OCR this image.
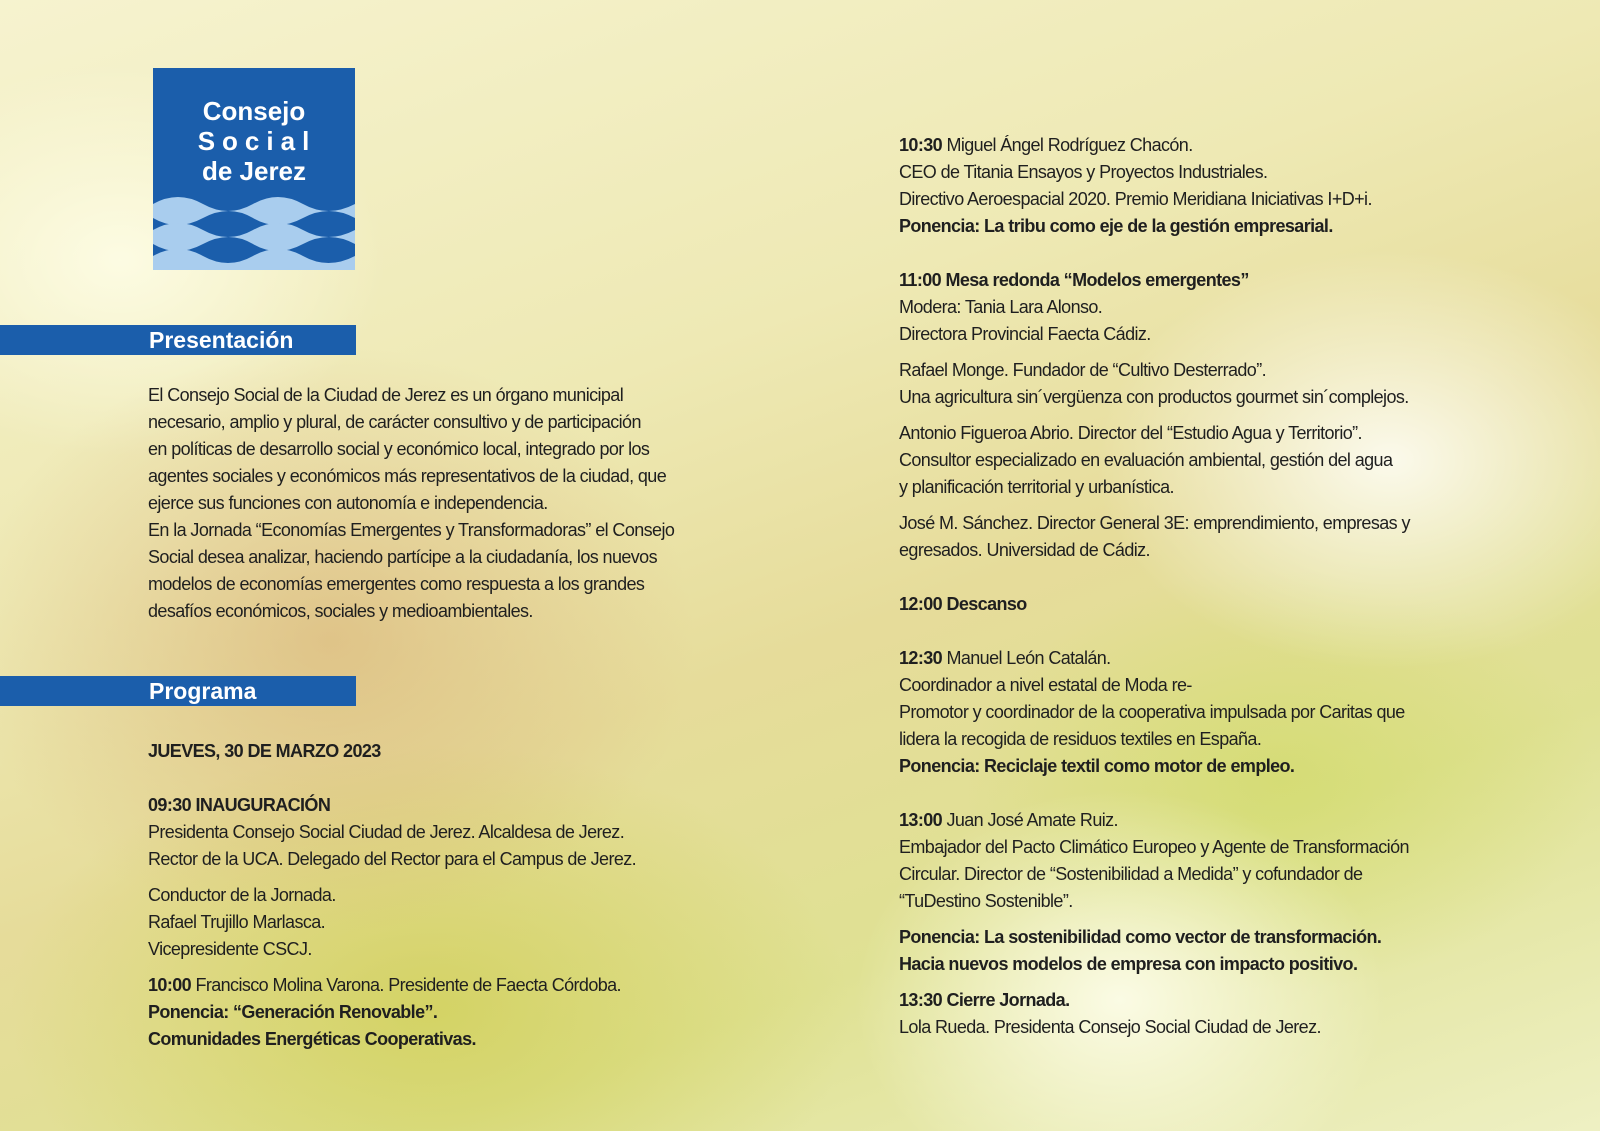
Consejo
Social
de Jerez
Presentación
Programa

El Consejo Social de la Ciudad de Jerez es un órgano municipal

necesario, amplio y plural, de carácter consultivo y de participación

en políticas de desarrollo social y económico local, integrado por los

agentes sociales y económicos más representativos de la ciudad, que

ejerce sus funciones con autonomía e independencia.

En la Jornada “Economías Emergentes y Transformadoras” el Consejo

Social desea analizar, haciendo partícipe a la ciudadanía, los nuevos

modelos de economías emergentes como respuesta a los grandes

desafíos económicos, sociales y medioambientales.

JUEVES, 30 DE MARZO 2023

09:30 INAUGURACIÓN

Presidenta Consejo Social Ciudad de Jerez. Alcaldesa de Jerez.

Rector de la UCA. Delegado del Rector para el Campus de Jerez.

Conductor de la Jornada.

Rafael Trujillo Marlasca.

Vicepresidente CSCJ.

10:00 Francisco Molina Varona. Presidente de Faecta Córdoba.

Ponencia: “Generación Renovable”.

Comunidades Energéticas Cooperativas.

10:30 Miguel Ángel Rodríguez Chacón.

CEO de Titania Ensayos y Proyectos Industriales.

Directivo Aeroespacial 2020. Premio Meridiana Iniciativas I+D+i.

Ponencia: La tribu como eje de la gestión empresarial.

11:00 Mesa redonda “Modelos emergentes”

Modera: Tania Lara Alonso.

Directora Provincial Faecta Cádiz.

Rafael Monge. Fundador de “Cultivo Desterrado”.

Una agricultura sin´vergüenza con productos gourmet sin´complejos.

Antonio Figueroa Abrio. Director del “Estudio Agua y Territorio”.

Consultor especializado en evaluación ambiental, gestión del agua

y planificación territorial y urbanística.

José M. Sánchez. Director General 3E: emprendimiento, empresas y

egresados. Universidad de Cádiz.

12:00 Descanso

12:30 Manuel León Catalán.

Coordinador a nivel estatal de Moda re-

Promotor y coordinador de la cooperativa impulsada por Caritas que

lidera la recogida de residuos textiles en España.

Ponencia: Reciclaje textil como motor de empleo.

13:00 Juan José Amate Ruiz.

Embajador del Pacto Climático Europeo y Agente de Transformación

Circular. Director de “Sostenibilidad a Medida” y cofundador de

“TuDestino Sostenible”.

Ponencia: La sostenibilidad como vector de transformación.

Hacia nuevos modelos de empresa con impacto positivo.

13:30 Cierre Jornada.

Lola Rueda. Presidenta Consejo Social Ciudad de Jerez.
